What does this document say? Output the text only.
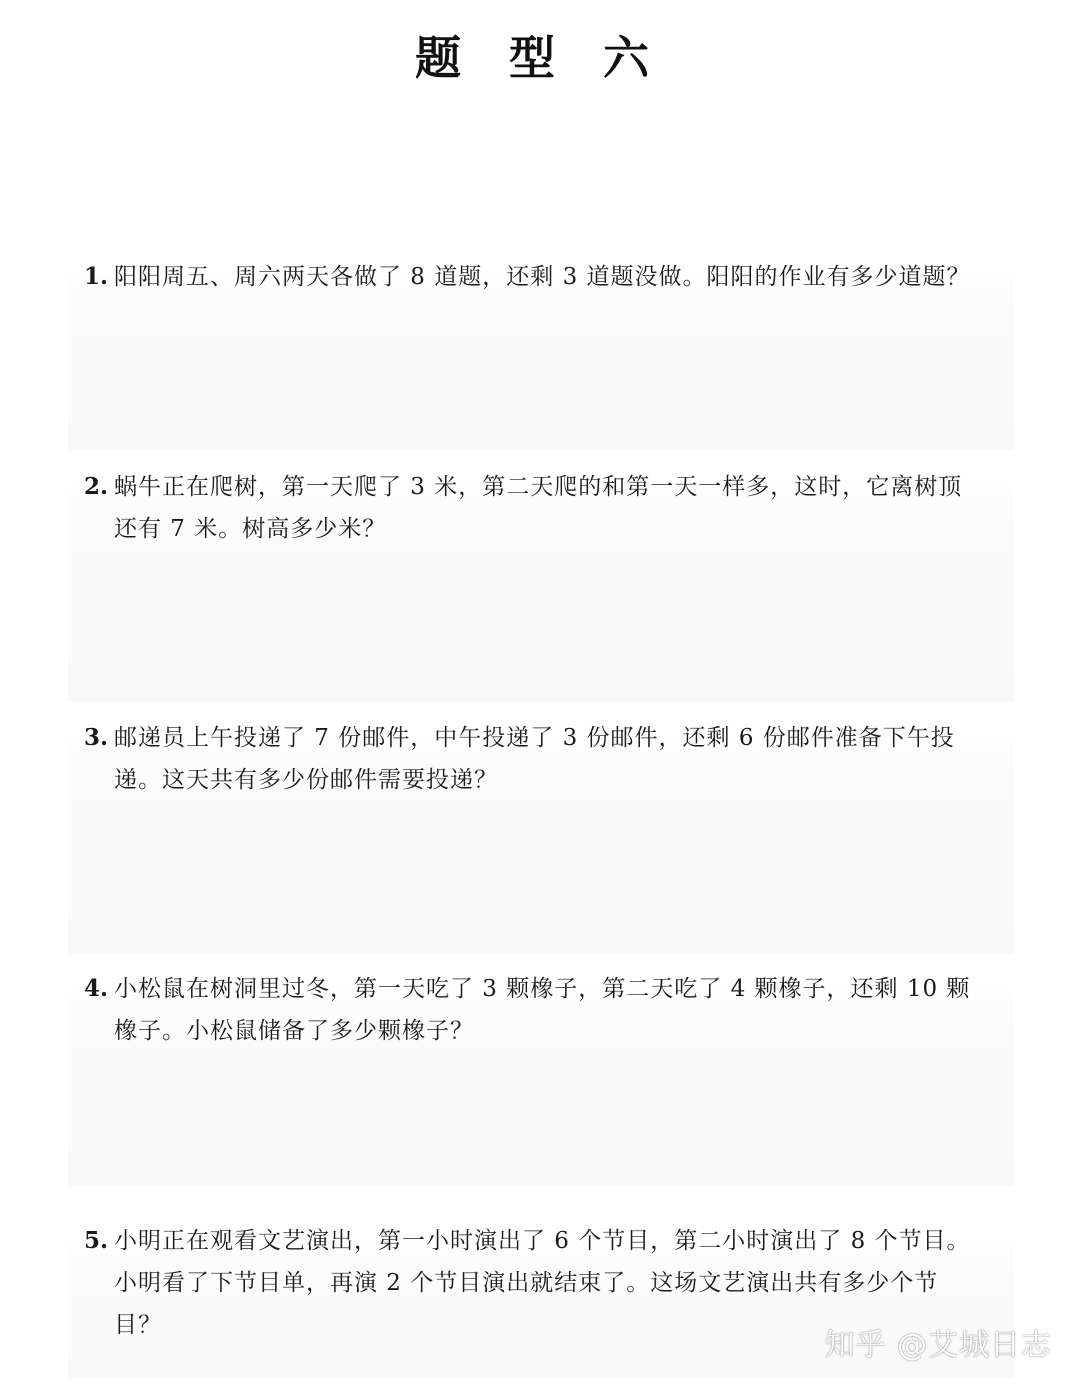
题 型 六
1. 阳阳周五、周六两天各做了 8 道题，还剩 3 道题没做。阳阳的作业有多少道题？
2. 蜗牛正在爬树，第一天爬了 3 米，第二天爬的和第一天一样多，这时，它离树顶还有 7 米。树高多少米？
3. 邮递员上午投递了 7 份邮件，中午投递了 3 份邮件，还剩 6 份邮件准备下午投递。这天共有多少份邮件需要投递？
4. 小松鼠在树洞里过冬，第一天吃了 3 颗橡子，第二天吃了 4 颗橡子，还剩 10 颗橡子。小松鼠储备了多少颗橡子？
5. 小明正在观看文艺演出，第一小时演出了 6 个节目，第二小时演出了 8 个节目。小明看了下节目单，再演 2 个节目演出就结束了。这场文艺演出共有多少个节目？
知乎 @艾城日志
